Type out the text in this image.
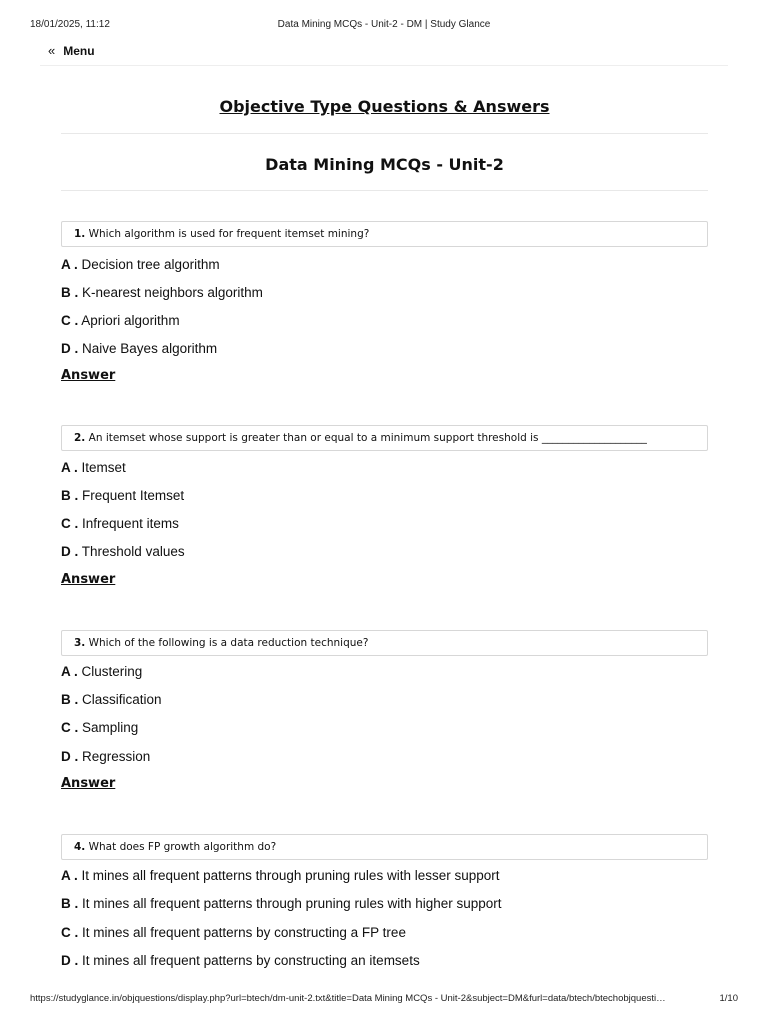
18/01/2025, 11:12	Data Mining MCQs - Unit-2 - DM | Study Glance
« Menu
Objective Type Questions & Answers
Data Mining MCQs - Unit-2
1. Which algorithm is used for frequent itemset mining?
A . Decision tree algorithm
B . K-nearest neighbors algorithm
C . Apriori algorithm
D . Naive Bayes algorithm
Answer
2. An itemset whose support is greater than or equal to a minimum support threshold is ____________________
A . Itemset
B . Frequent Itemset
C . Infrequent items
D . Threshold values
Answer
3. Which of the following is a data reduction technique?
A . Clustering
B . Classification
C . Sampling
D . Regression
Answer
4. What does FP growth algorithm do?
A . It mines all frequent patterns through pruning rules with lesser support
B . It mines all frequent patterns through pruning rules with higher support
C . It mines all frequent patterns by constructing a FP tree
D . It mines all frequent patterns by constructing an itemsets
https://studyglance.in/objquestions/display.php?url=btech/dm-unit-2.txt&title=Data Mining MCQs - Unit-2&subject=DM&furl=data/btech/btechobjquesti…	1/10
